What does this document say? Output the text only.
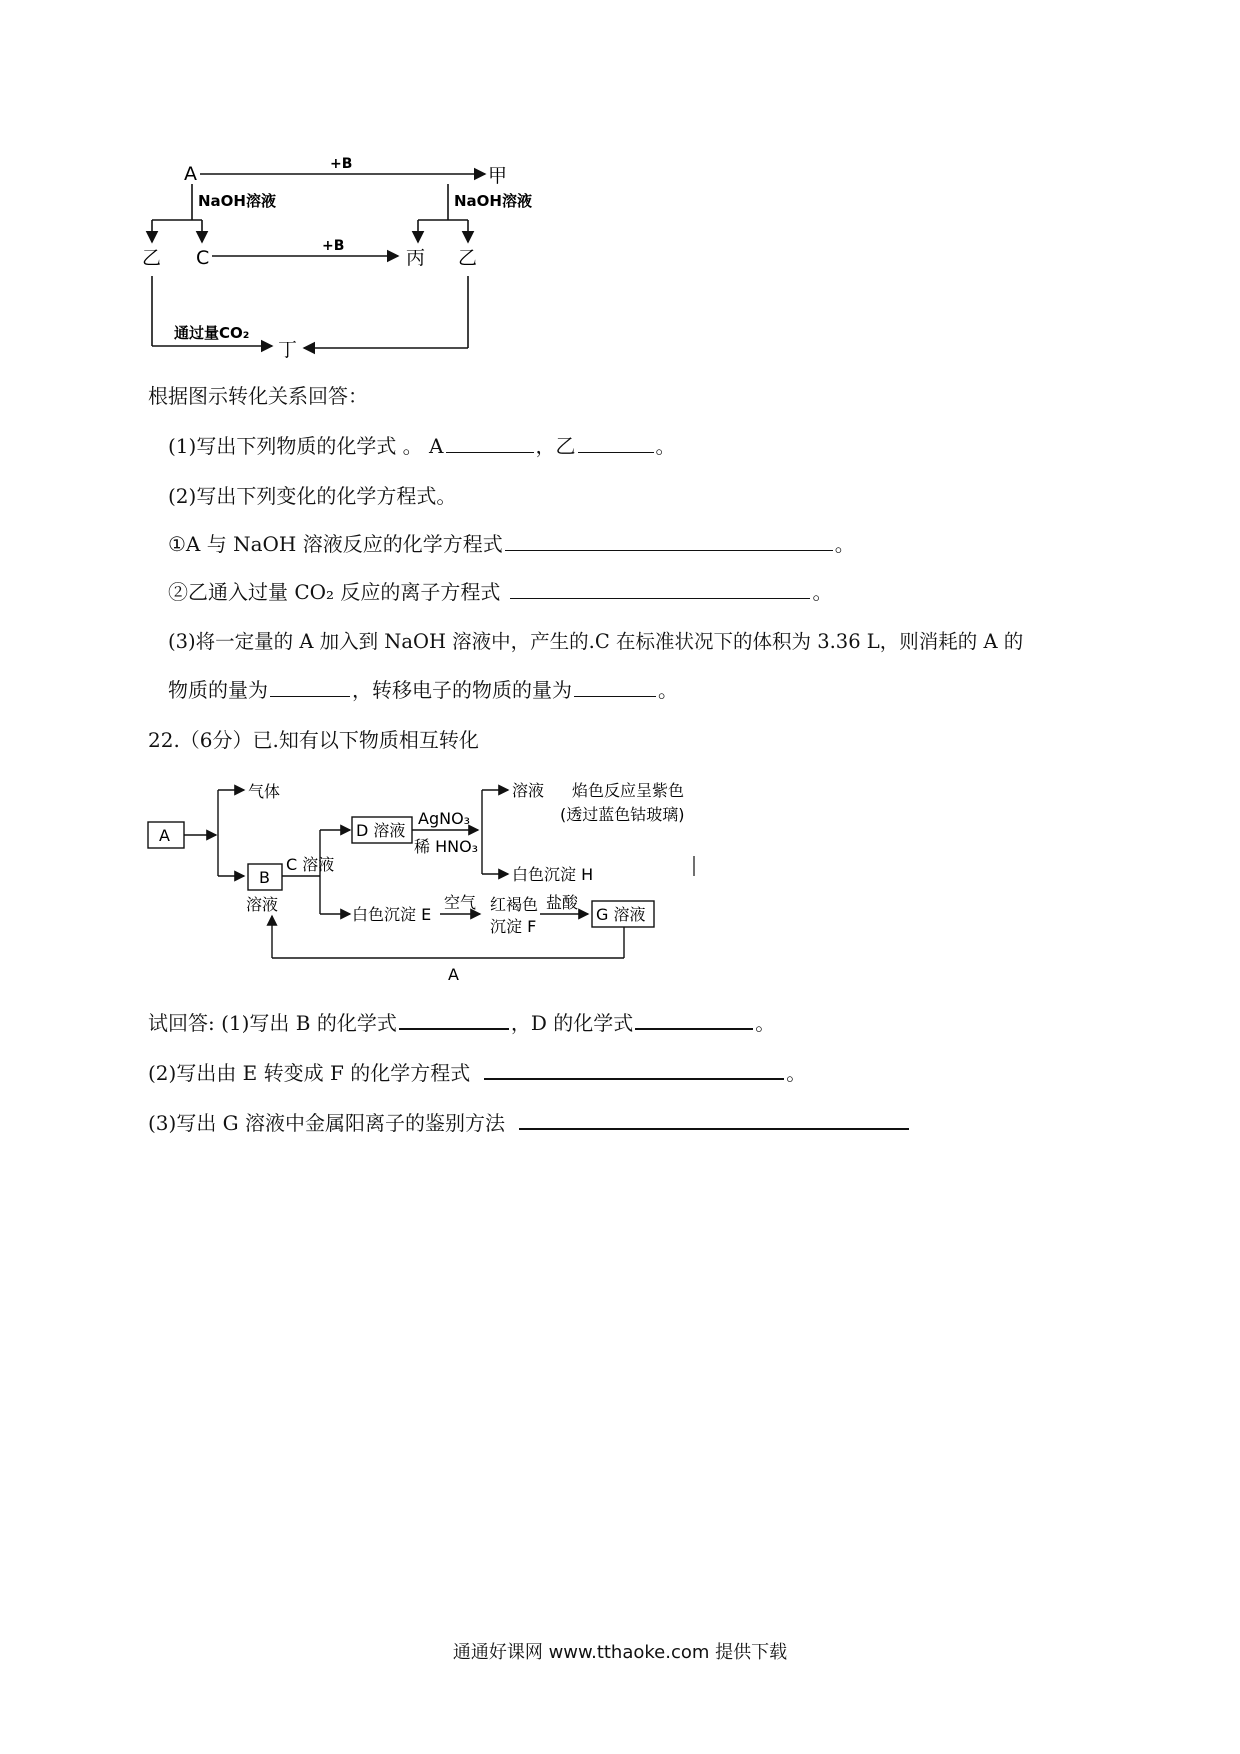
A	+B
甲
NaOH溶液	NaOH溶液
乙 C
+B
丙 乙
通过量CO₂
丁
根据图示转化关系回答：
(1)写出下列物质的化学式 。 A	，乙	。
(2)写出下列变化的化学方程式。
①A 与 NaOH 溶液反应的化学方程式	。
②乙通入过量 CO₂ 反应的离子方程式	。
(3)将一定量的 A 加入到 NaOH 溶液中，产生的.C 在标准状况下的体积为 3.36 L，则消耗的 A 的
物质的量为	，转移电子的物质的量为	。
22.（6分）已.知有以下物质相互转化
A
气体
B
溶液
C 溶液
D 溶液
AgNO₃
稀 HNO₃
溶液 焰色反应呈紫色
(透过蓝色钴玻璃)
白色沉淀 H
白色沉淀 E
空气 红褐色
沉淀 F
盐酸
G 溶液
A
试回答: (1)写出 B 的化学式	，D 的化学式	。
(2)写出由 E 转变成 F 的化学方程式	。
(3)写出 G 溶液中金属阳离子的鉴别方法
通通好课网 www.tthaoke.com 提供下载
